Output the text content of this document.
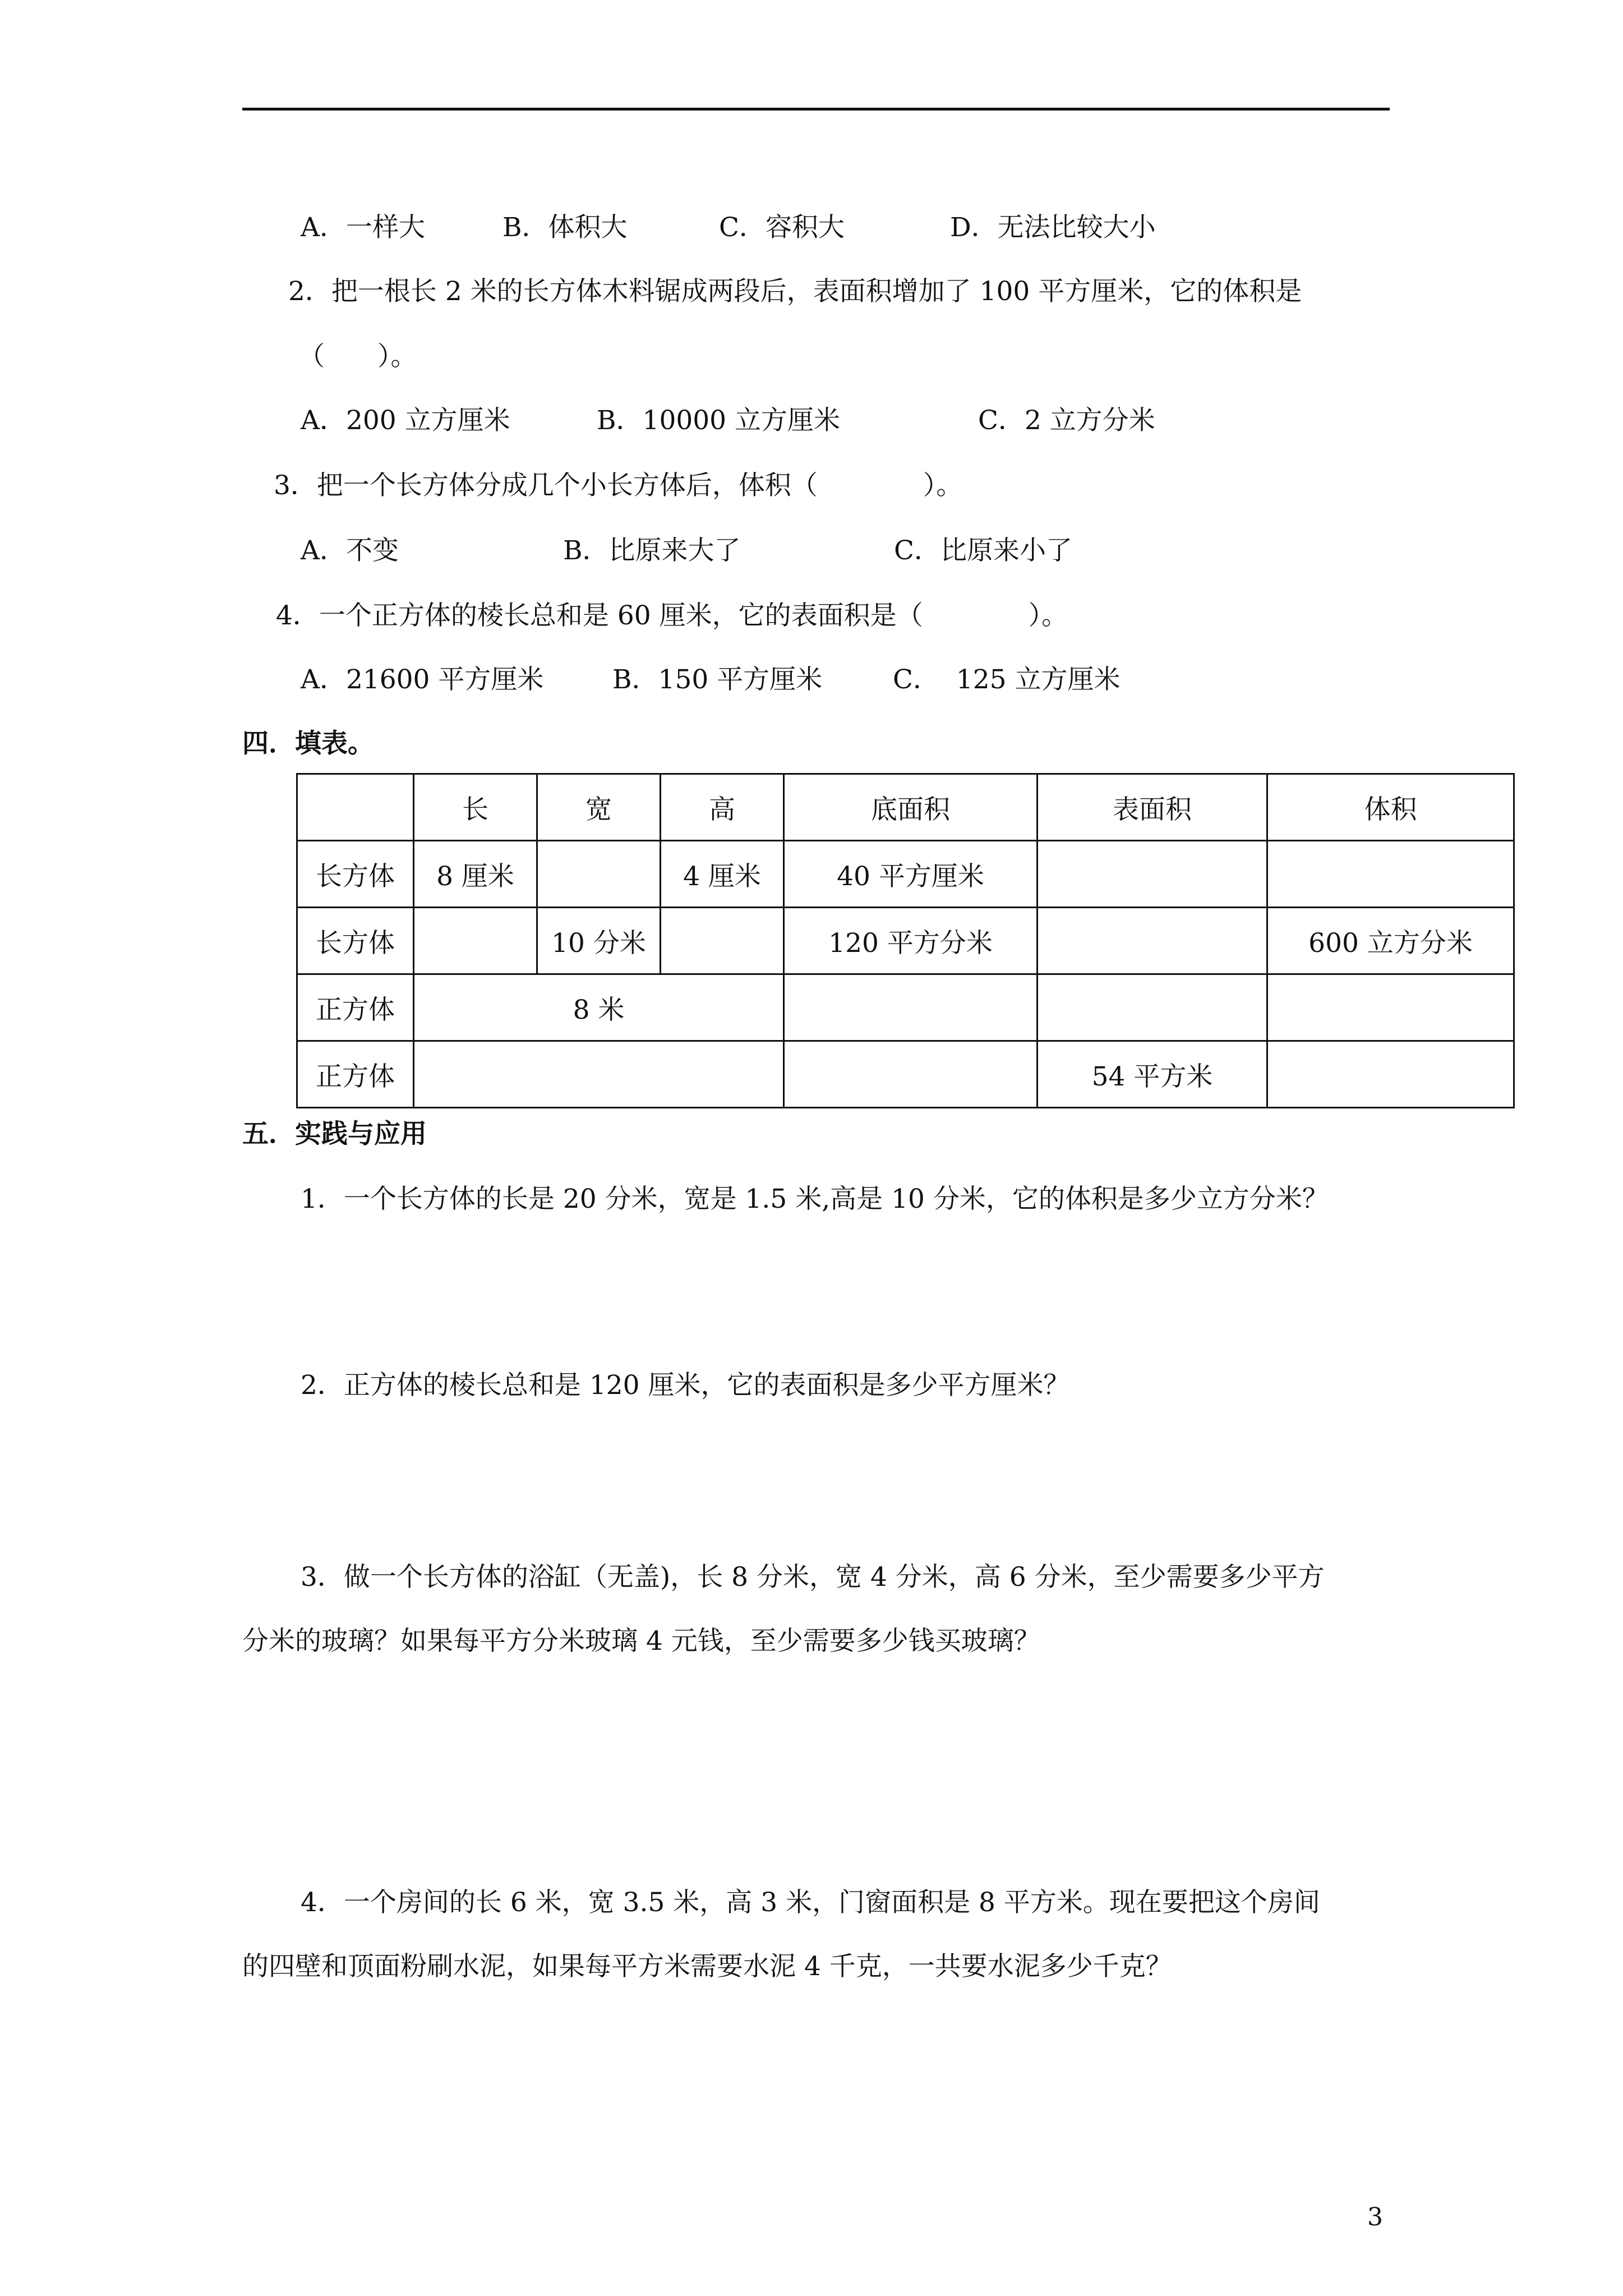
A．一样大	B．体积大	C．容积大	D．无法比较大小
2．把一根长 2 米的长方体木料锯成两段后，表面积增加了 100 平方厘米，它的体积是
（　　）。
A．200 立方厘米	B．10000 立方厘米	C．2 立方分米
3．把一个长方体分成几个小长方体后，体积（　　　　）。
A．不变	B．比原来大了	C．比原来小了
4．一个正方体的棱长总和是 60 厘米，它的表面积是（　　　　）。
A．21600 平方厘米	B．150 平方厘米	C．  125 立方厘米
四．填表。
	长	宽	高	底面积	表面积	体积
长方体	8 厘米		4 厘米	40 平方厘米		
长方体		10 分米		120 平方分米		600 立方分米
正方体	8 米					
正方体					54 平方米	
五．实践与应用
1．一个长方体的长是 20 分米，宽是 1.5 米,高是 10 分米，它的体积是多少立方分米？
2．正方体的棱长总和是 120 厘米，它的表面积是多少平方厘米？
3．做一个长方体的浴缸（无盖)，长 8 分米，宽 4 分米，高 6 分米，至少需要多少平方
分米的玻璃？如果每平方分米玻璃 4 元钱，至少需要多少钱买玻璃？
4．一个房间的长 6 米，宽 3.5 米，高 3 米，门窗面积是 8 平方米。现在要把这个房间
的四壁和顶面粉刷水泥，如果每平方米需要水泥 4 千克，一共要水泥多少千克？
3
